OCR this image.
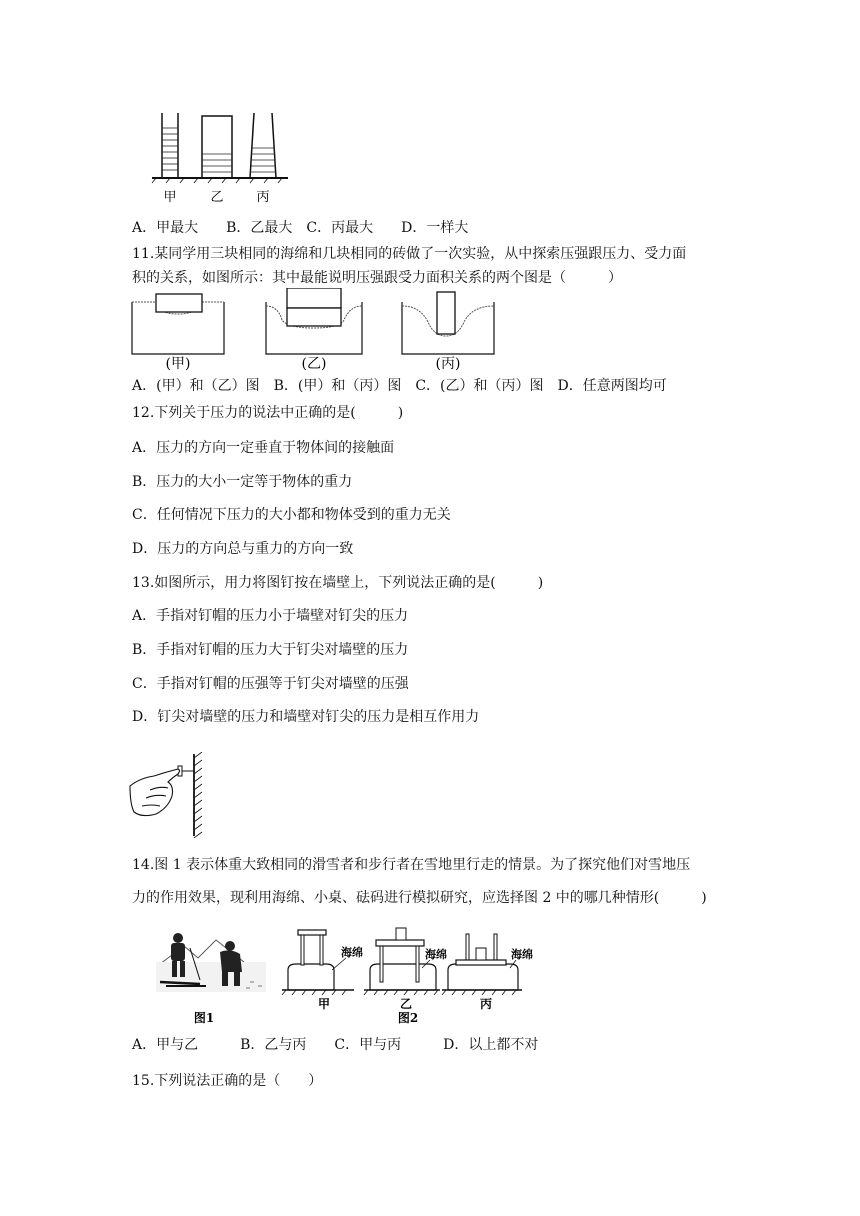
甲	乙	丙
A．甲最大　　B．乙最大　C．丙最大　　D．一样大
11.某同学用三块相同的海绵和几块相同的砖做了一次实验，从中探索压强跟压力、受力面
积的关系，如图所示：其中最能说明压强跟受力面积关系的两个图是（　　　）
(甲)	(乙)	(丙)
A．(甲）和（乙）图　B．(甲）和（丙）图　C．(乙）和（丙）图　D．任意两图均可
12.下列关于压力的说法中正确的是(　　　)
A．压力的方向一定垂直于物体间的接触面
B．压力的大小一定等于物体的重力
C．任何情况下压力的大小都和物体受到的重力无关
D．压力的方向总与重力的方向一致
13.如图所示，用力将图钉按在墙壁上，下列说法正确的是(　　　)
A．手指对钉帽的压力小于墙壁对钉尖的压力
B．手指对钉帽的压力大于钉尖对墙壁的压力
C．手指对钉帽的压强等于钉尖对墙壁的压强
D．钉尖对墙壁的压力和墙壁对钉尖的压力是相互作用力
14.图 1 表示体重大致相同的滑雪者和步行者在雪地里行走的情景。为了探究他们对雪地压
力的作用效果，现利用海绵、小桌、砝码进行模拟研究，应选择图 2 中的哪几种情形(　　　)
图1
海绵	海绵	海绵
甲	乙	丙
图2
A．甲与乙　　　B．乙与丙　　C．甲与丙　　　D．以上都不对
15.下列说法正确的是（　　）
